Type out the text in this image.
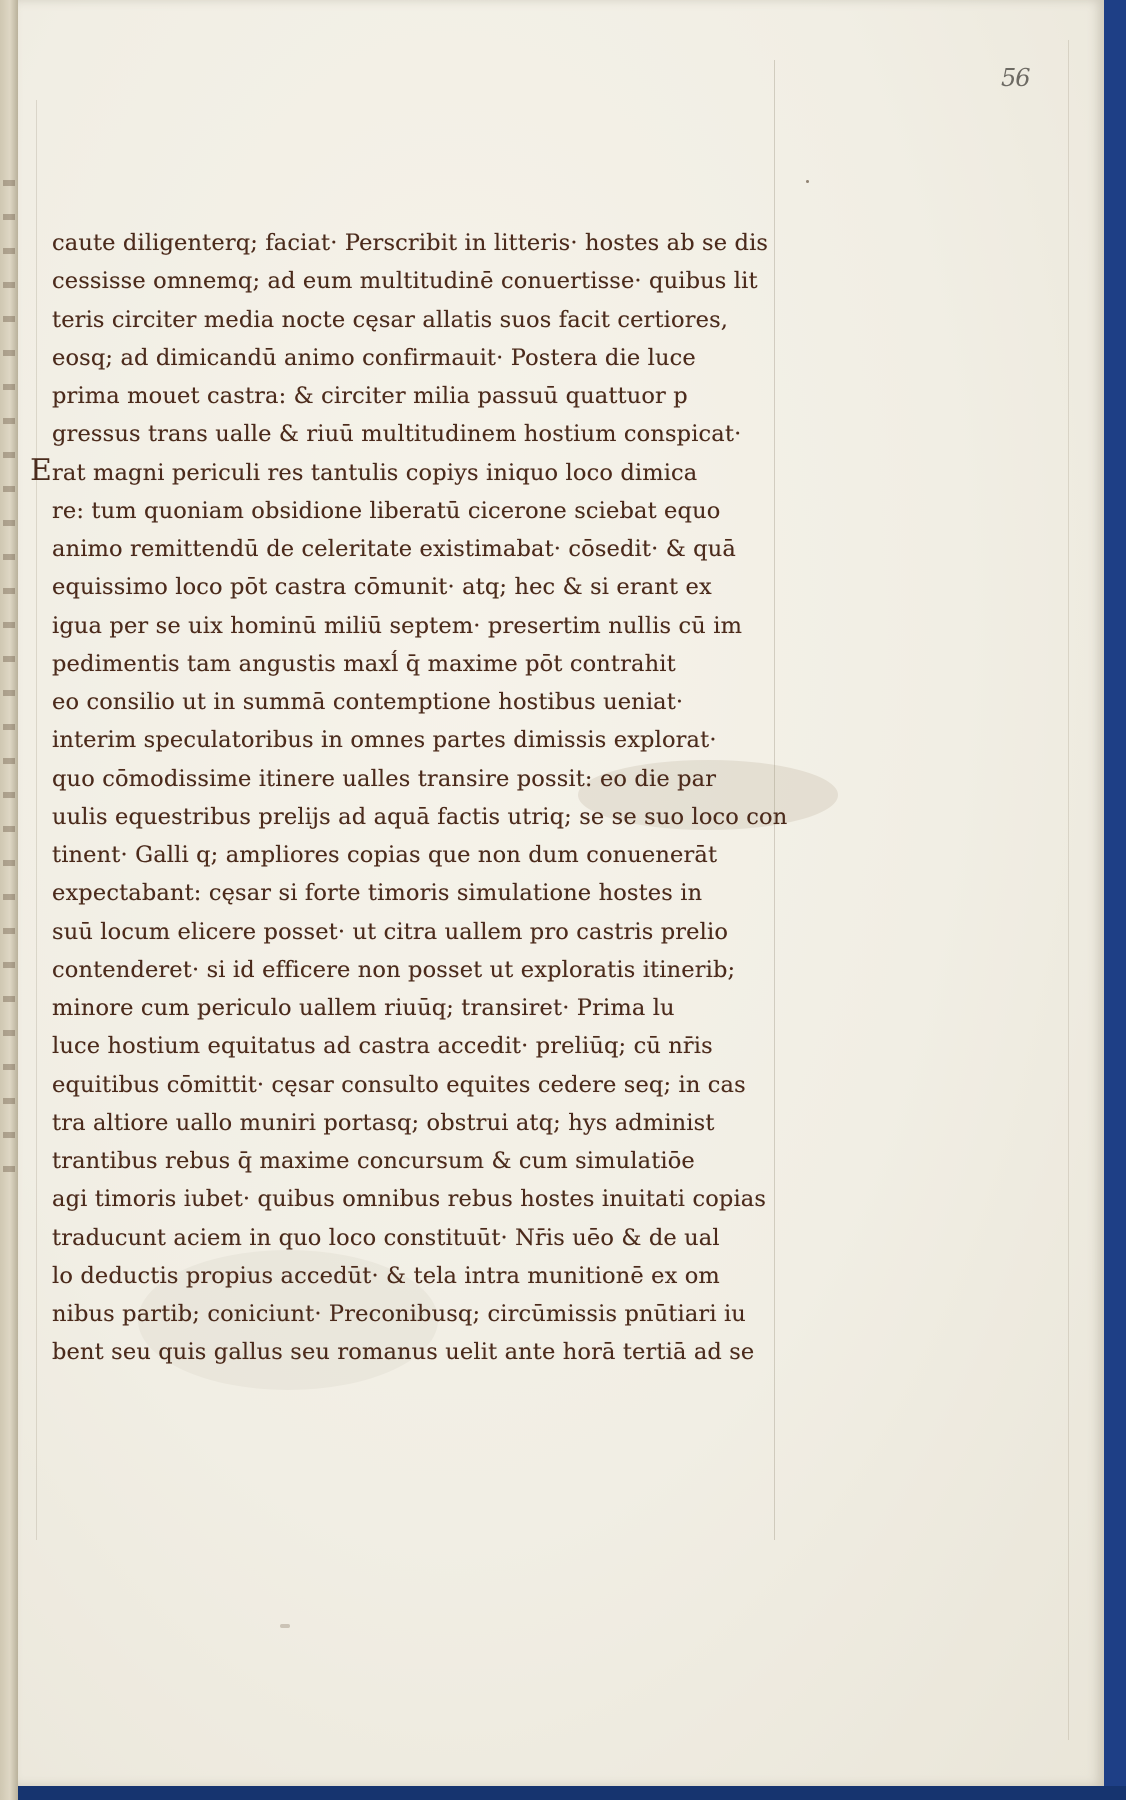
56
E
caute diligenterq; faciat· Perscribit in litteris· hostes ab se dis
cessisse omnemq; ad eum multitudinē conuertisse· quibus lit
teris circiter media nocte cęsar allatis suos facit certiores,
eosq; ad dimicandū animo confirmauit· Postera die luce
prima mouet castra: & circiter milia passuū quattuor p
gressus trans ualle & riuū multitudinem hostium conspicat·
rat magni periculi res tantulis copiys iniquo loco dimica
re: tum quoniam obsidione liberatū cicerone sciebat equo
animo remittendū de celeritate existimabat· cōsedit· & quā
equissimo loco pōt castra cōmunit· atq; hec & si erant ex
igua per se uix hominū miliū septem· presertim nullis cū im
pedimentis tam angustis maxĺ q̄ maxime pōt contrahit
eo consilio ut in summā contemptione hostibus ueniat·
interim speculatoribus in omnes partes dimissis explorat·
quo cōmodissime itinere ualles transire possit: eo die par
uulis equestribus prelijs ad aquā factis utriq; se se suo loco con
tinent· Galli q; ampliores copias que non dum conuenerāt
expectabant: cęsar si forte timoris simulatione hostes in
suū locum elicere posset· ut citra uallem pro castris prelio
contenderet· si id efficere non posset ut exploratis itinerib;
minore cum periculo uallem riuūq; transiret· Prima lu
luce hostium equitatus ad castra accedit· preliūq; cū nr̄is
equitibus cōmittit· cęsar consulto equites cedere seq; in cas
tra altiore uallo muniri portasq; obstrui atq; hys administ
trantibus rebus q̄ maxime concursum & cum simulatiōe
agi timoris iubet· quibus omnibus rebus hostes inuitati copias
traducunt aciem in quo loco constituūt· Nr̄is uēo & de ual
lo deductis propius accedūt· & tela intra munitionē ex om
nibus partib; coniciunt· Preconibusq; circūmissis pnūtiari iu
bent seu quis gallus seu romanus uelit ante horā tertiā ad se
